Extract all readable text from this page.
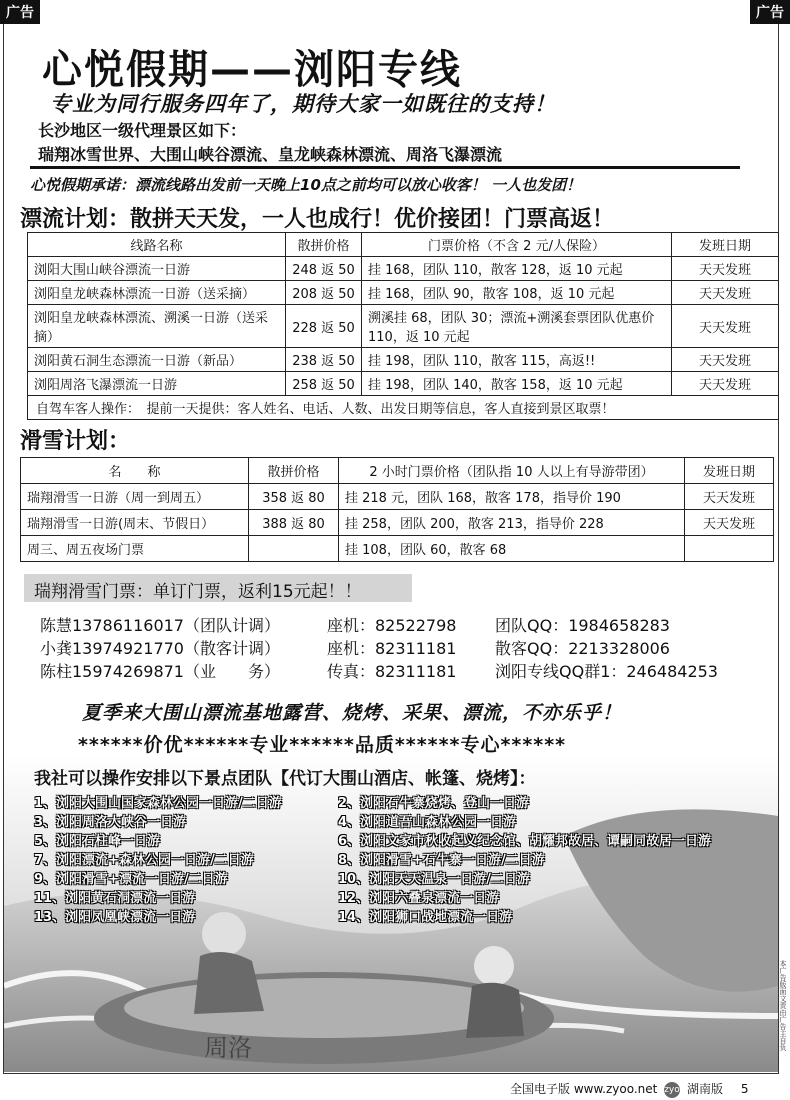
广告	广告
心悦假期——浏阳专线
专业为同行服务四年了，期待大家一如既往的支持！
长沙地区一级代理景区如下：
瑞翔冰雪世界、大围山峡谷漂流、皇龙峡森林漂流、周洛飞瀑漂流
心悦假期承诺：漂流线路出发前一天晚上10点之前均可以放心收客！ 一人也发团！
漂流计划：散拼天天发，一人也成行！优价接团！门票高返！
线路名称	散拼价格	门票价格（不含 2 元/人保险）	发班日期
浏阳大围山峡谷漂流一日游	248 返 50	挂 168，团队 110，散客 128，返 10 元起	天天发班
浏阳皇龙峡森林漂流一日游（送采摘）	208 返 50	挂 168，团队 90，散客 108，返 10 元起	天天发班
浏阳皇龙峡森林漂流、溯溪一日游（送采摘）	228 返 50	溯溪挂 68，团队 30；漂流+溯溪套票团队优惠价 110，返 10 元起	天天发班
浏阳黄石洞生态漂流一日游（新品）	238 返 50	挂 198，团队 110，散客 115，高返!!	天天发班
浏阳周洛飞瀑漂流一日游	258 返 50	挂 198，团队 140，散客 158，返 10 元起	天天发班
自驾车客人操作：　提前一天提供：客人姓名、电话、人数、出发日期等信息，客人直接到景区取票！			
滑雪计划：
名　　称	散拼价格	2 小时门票价格（团队指 10 人以上有导游带团）	发班日期
瑞翔滑雪一日游（周一到周五）	358 返 80	挂 218 元，团队 168，散客 178，指导价 190	天天发班
瑞翔滑雪一日游(周末、节假日）	388 返 80	挂 258，团队 200，散客 213，指导价 228	天天发班
周三、周五夜场门票		挂 108，团队 60，散客 68	
瑞翔滑雪门票：单订门票，返利15元起！！
陈慧13786116017（团队计调）	座机：82522798 团队QQ：1984658283
小龚13974921770（散客计调）	座机：82311181 散客QQ：2213328006
陈柱15974269871（业　　务）	传真：82311181 浏阳专线QQ群1：246484253
夏季来大围山漂流基地露营、烧烤、采果、漂流，不亦乐乎！
******价优******专业******品质******专心******
周洛
我社可以操作安排以下景点团队【代订大围山酒店、帐篷、烧烤】：
1、浏阳大围山国家森林公园一日游/二日游
3、浏阳周洛大峡谷一日游
5、浏阳石柱峰一日游
7、浏阳漂流+森林公园一日游/二日游
9、浏阳滑雪+漂流一日游/二日游
11、浏阳黄石洞漂流一日游
13、浏阳凤凰峡漂流一日游
2、浏阳石牛寨烧烤、登山一日游
4、浏阳道吾山森林公园一日游
6、浏阳文家市秋收起义纪念馆、胡耀邦故居、谭嗣同故居一日游
8、浏阳滑雪+石牛寨一日游/二日游
10、浏阳天天温泉一日游/二日游
12、浏阳六叠泉漂流一日游
14、浏阳狮口战地漂流一日游
本广告版面文责由广告主自负
全国电子版 www.zyoo.net zyoo 湖南版 5
